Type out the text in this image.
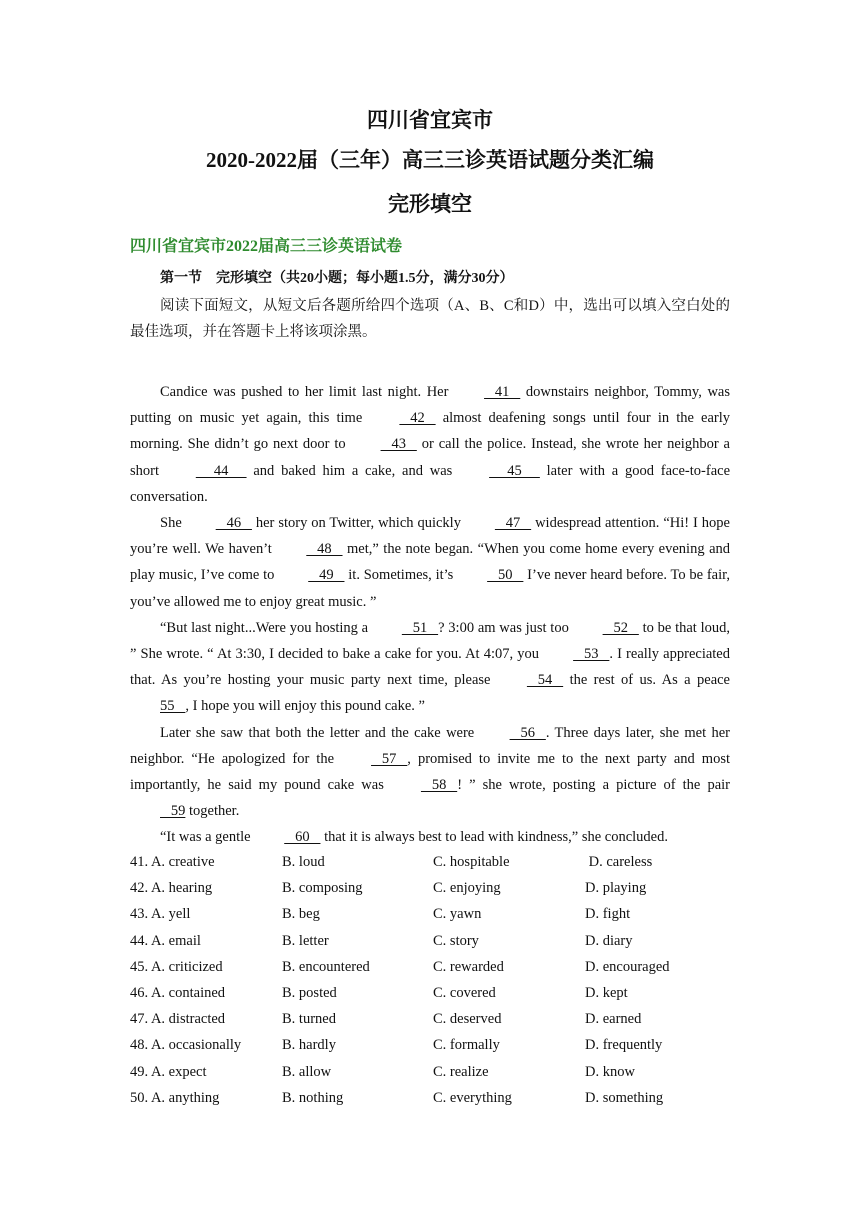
四川省宜宾市
2020-2022届（三年）高三三诊英语试题分类汇编
完形填空
四川省宜宾市2022届高三三诊英语试卷
第一节　完形填空（共20小题；每小题1.5分，满分30分）
阅读下面短文，从短文后各题所给四个选项（A、B、C和D）中，选出可以填入空白处的最佳选项，并在答题卡上将该项涂黑。

Candice was pushed to her limit last night. Her    41    downstairs neighbor, Tommy, was putting on music yet again, this time    42    almost deafening songs until four in the early morning. She didn’t go next door to    43    or call the police. Instead, she wrote her neighbor a short      44      and baked him a cake, and was      45      later with a good face-to-face conversation.

She    46    her story on Twitter, which quickly    47    widespread attention. “Hi! I hope you’re well. We haven’t    48    met,” the note began. “When you come home every evening and play music, I’ve come to    49    it. Sometimes, it’s    50    I’ve never heard before. To be fair, you’ve allowed me to enjoy great music. ”

“But last night...Were you hosting a    51   ? 3:00 am was just too    52    to be that loud, ” She wrote. “ At 3:30, I decided to bake a cake for you. At 4:07, you    53   . I really appreciated that. As you’re hosting your music party next time, please    54    the rest of us. As a peace 55   , I hope you will enjoy this pound cake. ”

Later she saw that both the letter and the cake were    56   . Three days later, she met her neighbor. “He apologized for the    57   , promised to invite me to the next party and most importantly, he said my pound cake was    58   ! ” she wrote, posting a picture of the pair    59 together.

“It was a gentle    60    that it is always best to lead with kindness,” she concluded.

41. A. creative	B. loud	C. hospitable	D. careless
42. A. hearing	B. composing	C. enjoying	D. playing
43. A. yell	B. beg	C. yawn	D. fight
44. A. email	B. letter	C. story	D. diary
45. A. criticized	B. encountered	C. rewarded	D. encouraged
46. A. contained	B. posted	C. covered	D. kept
47. A. distracted	B. turned	C. deserved	D. earned
48. A. occasionally	B. hardly	C. formally	D. frequently
49. A. expect	B. allow	C. realize	D. know
50. A. anything	B. nothing	C. everything	D. something
